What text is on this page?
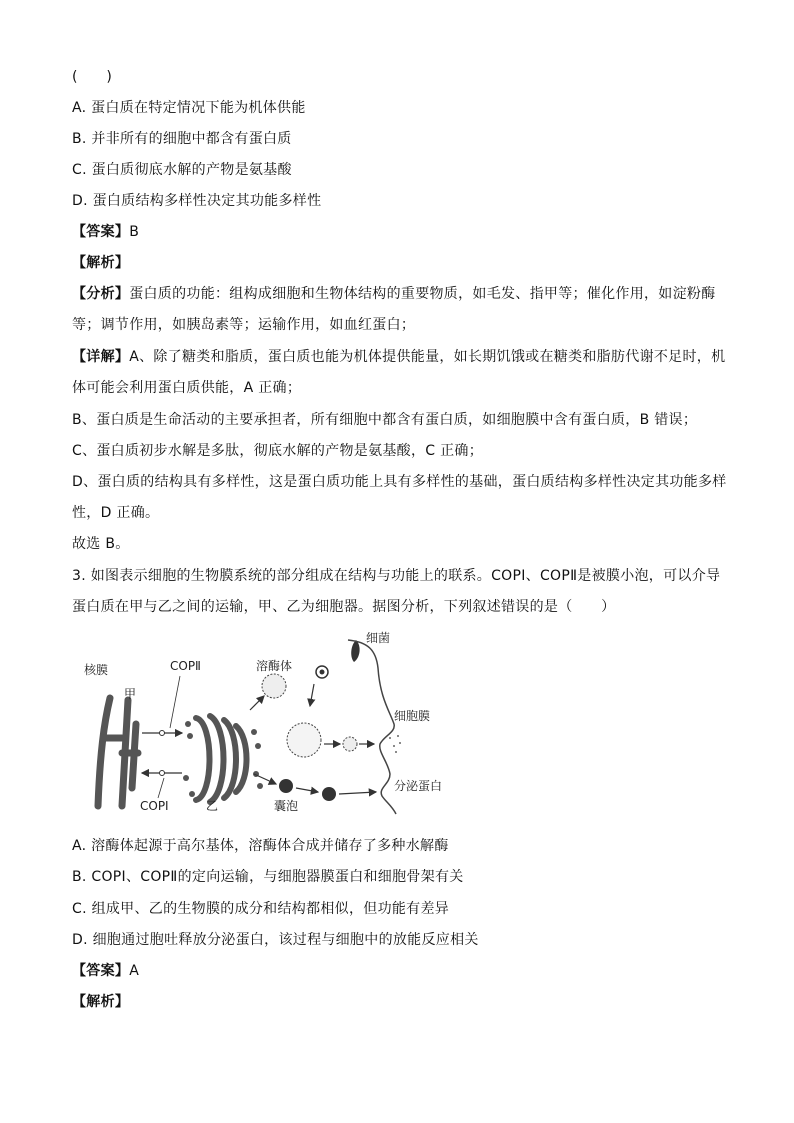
(　　)
A. 蛋白质在特定情况下能为机体供能
B. 并非所有的细胞中都含有蛋白质
C. 蛋白质彻底水解的产物是氨基酸
D. 蛋白质结构多样性决定其功能多样性
【答案】B
【解析】
【分析】蛋白质的功能：组构成细胞和生物体结构的重要物质，如毛发、指甲等；催化作用，如淀粉酶
等；调节作用，如胰岛素等；运输作用，如血红蛋白；
【详解】A、除了糖类和脂质，蛋白质也能为机体提供能量，如长期饥饿或在糖类和脂肪代谢不足时，机
体可能会利用蛋白质供能，A 正确；
B、蛋白质是生命活动的主要承担者，所有细胞中都含有蛋白质，如细胞膜中含有蛋白质，B 错误；
C、蛋白质初步水解是多肽，彻底水解的产物是氨基酸，C 正确；
D、蛋白质的结构具有多样性，这是蛋白质功能上具有多样性的基础，蛋白质结构多样性决定其功能多样
性，D 正确。
故选 B。
3. 如图表示细胞的生物膜系统的部分组成在结构与功能上的联系。COPⅠ、COPⅡ是被膜小泡，可以介导
蛋白质在甲与乙之间的运输，甲、乙为细胞器。据图分析，下列叙述错误的是（　　）
核膜
甲
COPⅡ
COPⅠ	乙
溶酶体
细菌
细胞膜
囊泡
分泌蛋白
A. 溶酶体起源于高尔基体，溶酶体合成并储存了多种水解酶
B. COPⅠ、COPⅡ的定向运输，与细胞器膜蛋白和细胞骨架有关
C. 组成甲、乙的生物膜的成分和结构都相似，但功能有差异
D. 细胞通过胞吐释放分泌蛋白，该过程与细胞中的放能反应相关
【答案】A
【解析】
